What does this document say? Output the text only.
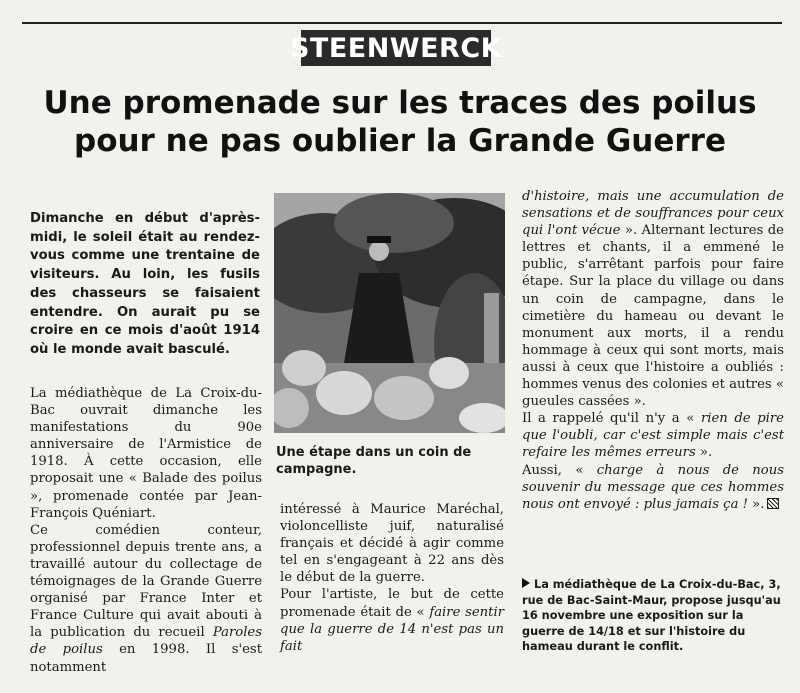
STEENWERCK
Une promenade sur les traces des poilus
pour ne pas oublier la Grande Guerre
Dimanche en début d'après-midi, le soleil était au rendez-vous comme une trentaine de visiteurs. Au loin, les fusils des chasseurs se faisaient entendre. On aurait pu se croire en ce mois d'août 1914 où le monde avait basculé.

La médiathèque de La Croix-du-Bac ouvrait dimanche les manifestations du 90e anniversaire de l'Armistice de 1918. À cette occasion, elle proposait une « Balade des poilus », promenade contée par Jean-François Quéniart.

Ce comédien conteur, professionnel depuis trente ans, a travaillé autour du collectage de témoignages de la Grande Guerre organisé par France Inter et France Culture qui avait abouti à la publication du recueil Paroles de poilus en 1998. Il s'est notamment

Une étape dans un coin de campagne.

intéressé à Maurice Maréchal, violoncelliste juif, naturalisé français et décidé à agir comme tel en s'engageant à 22 ans dès le début de la guerre.

Pour l'artiste, le but de cette promenade était de « faire sentir que la guerre de 14 n'est pas un fait

d'histoire, mais une accumulation de sensations et de souffrances pour ceux qui l'ont vécue ». Alternant lectures de lettres et chants, il a emmené le public, s'arrêtant parfois pour faire étape. Sur la place du village ou dans un coin de campagne, dans le cimetière du hameau ou devant le monument aux morts, il a rendu hommage à ceux qui sont morts, mais aussi à ceux que l'histoire a oubliés : hommes venus des colonies et autres « gueules cassées ».

Il a rappelé qu'il n'y a « rien de pire que l'oubli, car c'est simple mais c'est refaire les mêmes erreurs ».

Aussi, « charge à nous de nous souvenir du message que ces hommes nous ont envoyé : plus jamais ça ! ».

La médiathèque de La Croix-du-Bac, 3, rue de Bac-Saint-Maur, propose jusqu'au 16 novembre une exposition sur la guerre de 14/18 et sur l'histoire du hameau durant le conflit.
